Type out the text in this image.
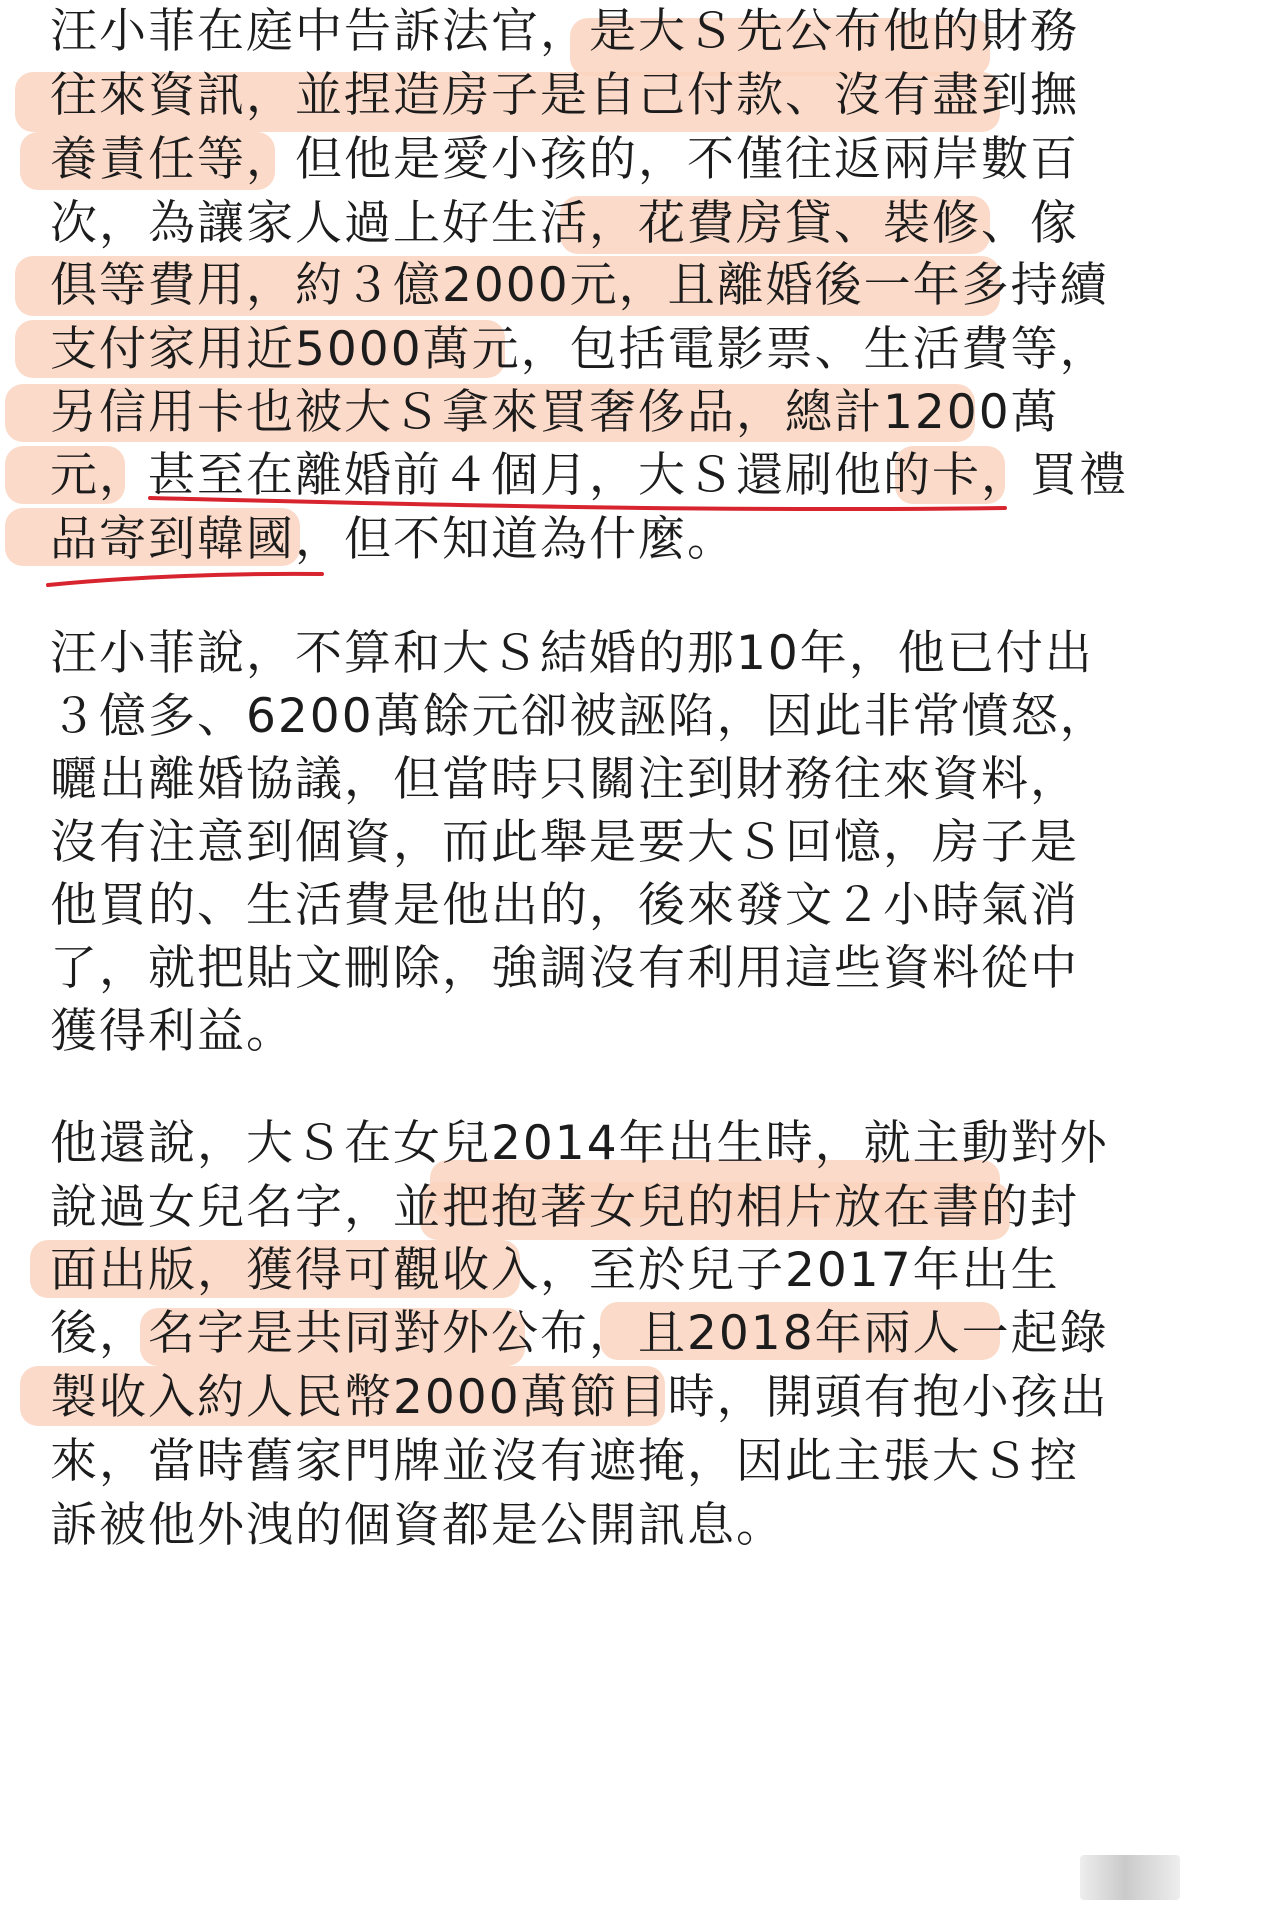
汪小菲在庭中告訴法官，是大Ｓ先公布他的財務
往來資訊，並捏造房子是自己付款、沒有盡到撫
養責任等，但他是愛小孩的，不僅往返兩岸數百
次，為讓家人過上好生活，花費房貸、裝修、傢
俱等費用，約３億2000元，且離婚後一年多持續
支付家用近5000萬元，包括電影票、生活費等，
另信用卡也被大Ｓ拿來買奢侈品，總計1200萬
元，甚至在離婚前４個月，大Ｓ還刷他的卡，買禮
品寄到韓國，但不知道為什麼。
汪小菲說，不算和大Ｓ結婚的那10年，他已付出
３億多、6200萬餘元卻被誣陷，因此非常憤怒，
曬出離婚協議，但當時只關注到財務往來資料，
沒有注意到個資，而此舉是要大Ｓ回憶，房子是
他買的、生活費是他出的，後來發文２小時氣消
了，就把貼文刪除，強調沒有利用這些資料從中
獲得利益。
他還說，大Ｓ在女兒2014年出生時，就主動對外
說過女兒名字，並把抱著女兒的相片放在書的封
面出版，獲得可觀收入，至於兒子2017年出生
後，名字是共同對外公布，且2018年兩人一起錄
製收入約人民幣2000萬節目時，開頭有抱小孩出
來，當時舊家門牌並沒有遮掩，因此主張大Ｓ控
訴被他外洩的個資都是公開訊息。
